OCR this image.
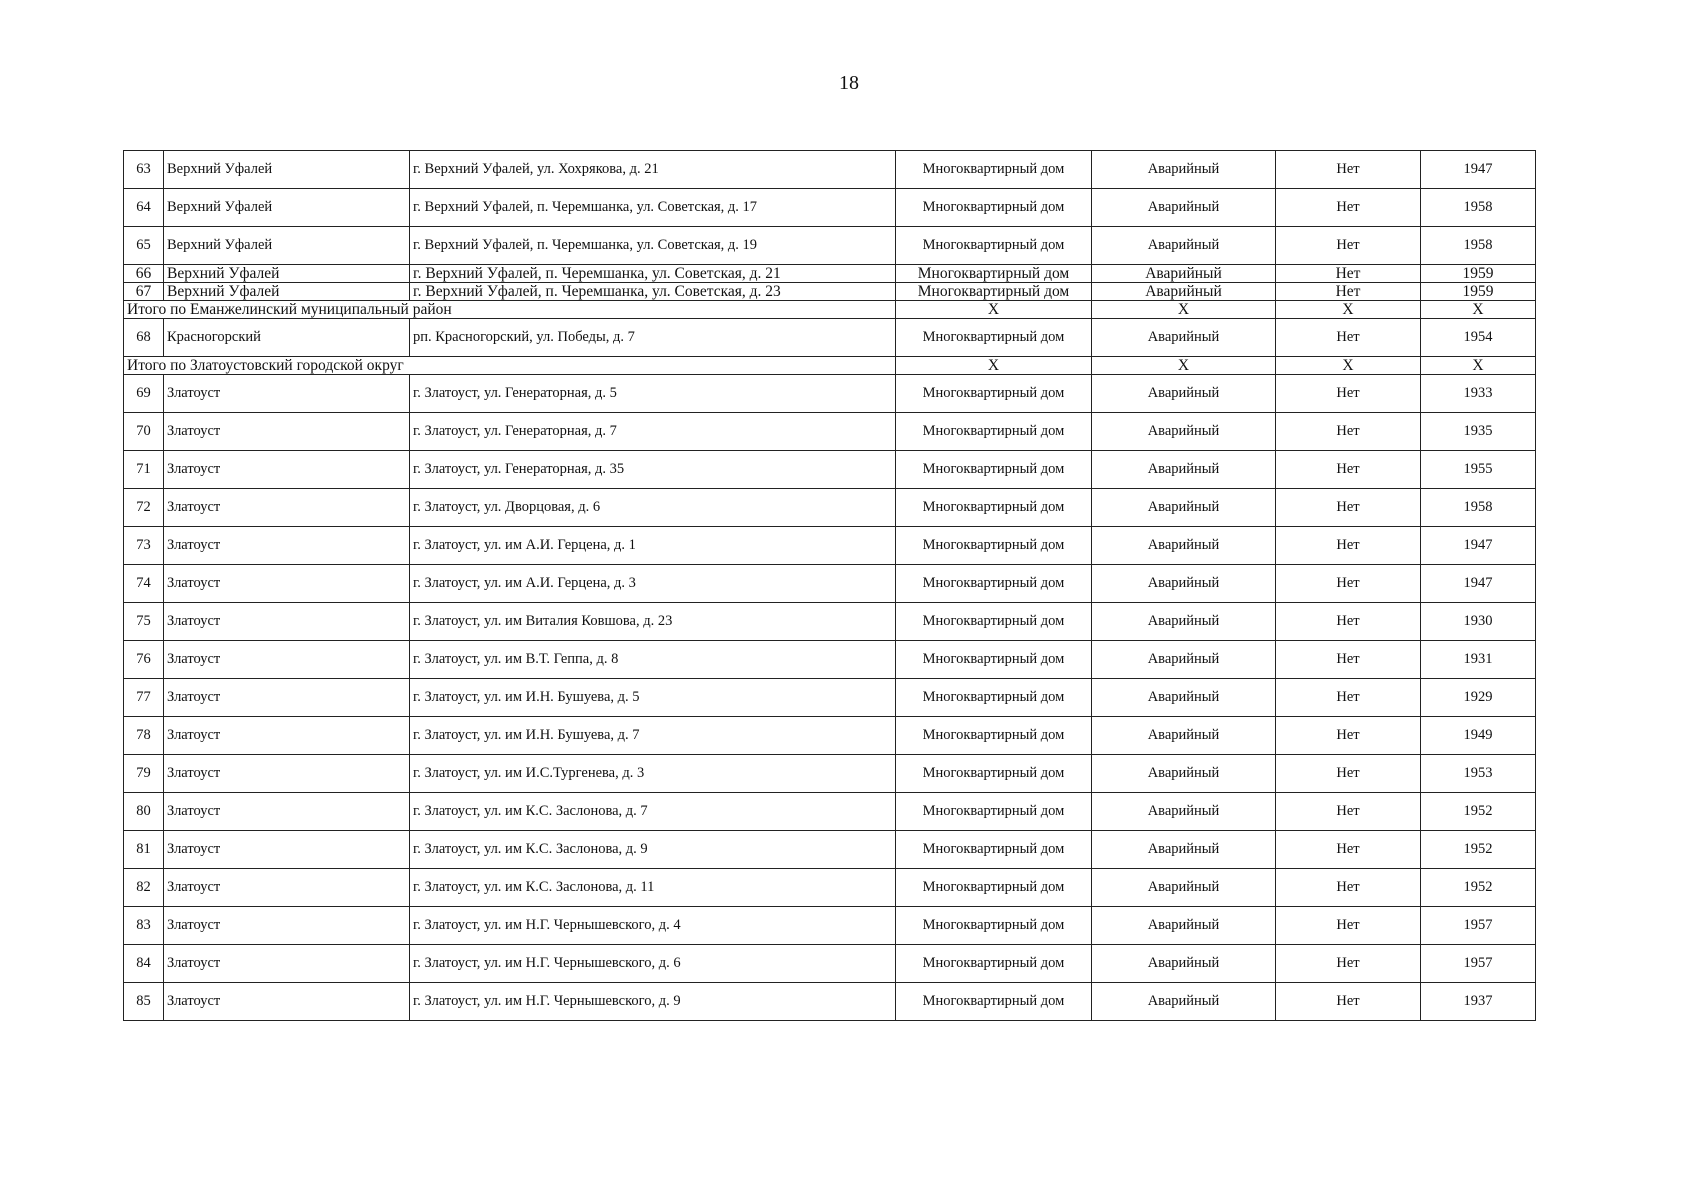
18
63	Верхний Уфалей	г. Верхний Уфалей, ул. Хохрякова, д. 21	Многоквартирный дом	Аварийный	Нет	1947
64	Верхний Уфалей	г. Верхний Уфалей, п. Черемшанка, ул. Советская, д. 17	Многоквартирный дом	Аварийный	Нет	1958
65	Верхний Уфалей	г. Верхний Уфалей, п. Черемшанка, ул. Советская, д. 19	Многоквартирный дом	Аварийный	Нет	1958
66	Верхний Уфалей	г. Верхний Уфалей, п. Черемшанка, ул. Советская, д. 21	Многоквартирный дом	Аварийный	Нет	1959
67	Верхний Уфалей	г. Верхний Уфалей, п. Черемшанка, ул. Советская, д. 23	Многоквартирный дом	Аварийный	Нет	1959
Итого по Еманжелинский муниципальный район			X	X	X	X
68	Красногорский	рп. Красногорский, ул. Победы, д. 7	Многоквартирный дом	Аварийный	Нет	1954
Итого по Златоустовский городской округ			X	X	X	X
69	Златоуст	г. Златоуст, ул. Генераторная, д. 5	Многоквартирный дом	Аварийный	Нет	1933
70	Златоуст	г. Златоуст, ул. Генераторная, д. 7	Многоквартирный дом	Аварийный	Нет	1935
71	Златоуст	г. Златоуст, ул. Генераторная, д. 35	Многоквартирный дом	Аварийный	Нет	1955
72	Златоуст	г. Златоуст, ул. Дворцовая, д. 6	Многоквартирный дом	Аварийный	Нет	1958
73	Златоуст	г. Златоуст, ул. им А.И. Герцена, д. 1	Многоквартирный дом	Аварийный	Нет	1947
74	Златоуст	г. Златоуст, ул. им А.И. Герцена, д. 3	Многоквартирный дом	Аварийный	Нет	1947
75	Златоуст	г. Златоуст, ул. им Виталия Ковшова, д. 23	Многоквартирный дом	Аварийный	Нет	1930
76	Златоуст	г. Златоуст, ул. им В.Т. Геппа, д. 8	Многоквартирный дом	Аварийный	Нет	1931
77	Златоуст	г. Златоуст, ул. им И.Н. Бушуева, д. 5	Многоквартирный дом	Аварийный	Нет	1929
78	Златоуст	г. Златоуст, ул. им И.Н. Бушуева, д. 7	Многоквартирный дом	Аварийный	Нет	1949
79	Златоуст	г. Златоуст, ул. им И.С.Тургенева, д. 3	Многоквартирный дом	Аварийный	Нет	1953
80	Златоуст	г. Златоуст, ул. им К.С. Заслонова, д. 7	Многоквартирный дом	Аварийный	Нет	1952
81	Златоуст	г. Златоуст, ул. им К.С. Заслонова, д. 9	Многоквартирный дом	Аварийный	Нет	1952
82	Златоуст	г. Златоуст, ул. им К.С. Заслонова, д. 11	Многоквартирный дом	Аварийный	Нет	1952
83	Златоуст	г. Златоуст, ул. им Н.Г. Чернышевского, д. 4	Многоквартирный дом	Аварийный	Нет	1957
84	Златоуст	г. Златоуст, ул. им Н.Г. Чернышевского, д. 6	Многоквартирный дом	Аварийный	Нет	1957
85	Златоуст	г. Златоуст, ул. им Н.Г. Чернышевского, д. 9	Многоквартирный дом	Аварийный	Нет	1937
